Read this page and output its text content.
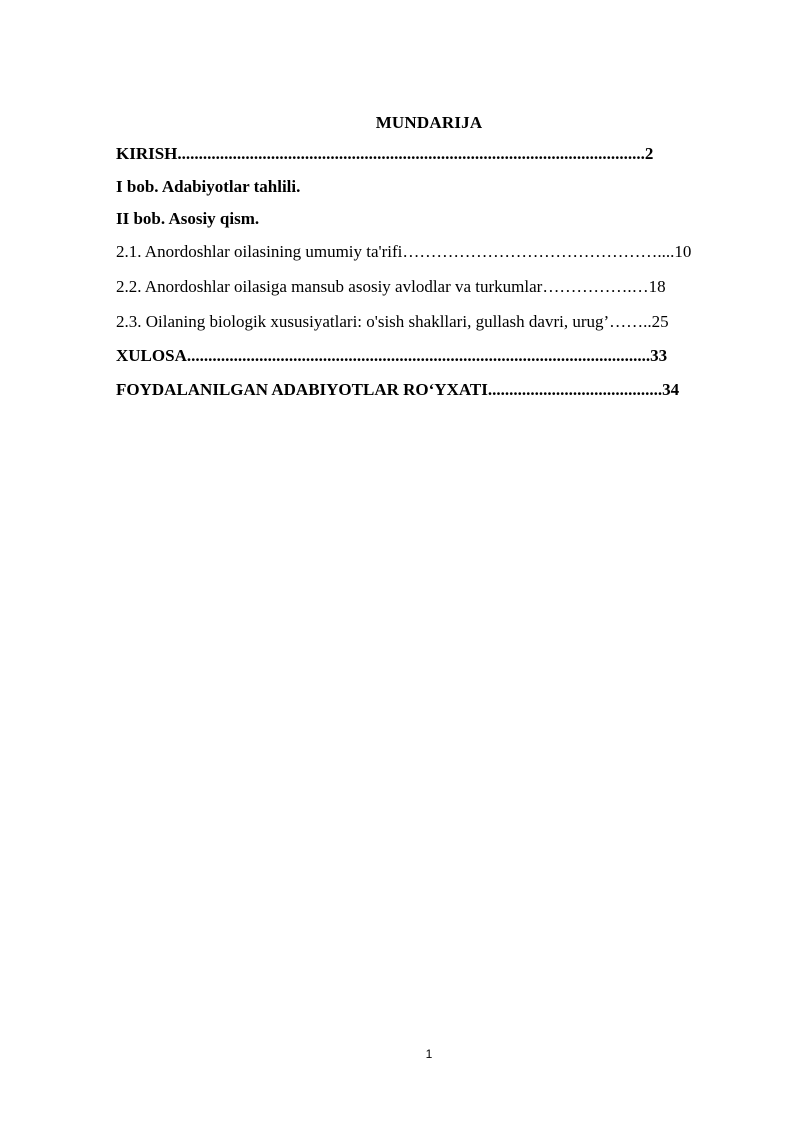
MUNDARIJA
KIRISH..............................................................................................................2
I bob. Adabiyotlar tahlili.
II bob. Asosiy qism.
2.1. Anordoshlar oilasining umumiy ta'rifi………………………………………....10
2.2. Anordoshlar oilasiga mansub asosiy avlodlar va turkumlar…………….…18
2.3. Oilaning biologik xususiyatlari: o'sish shakllari, gullash davri, urug’……..25
XULOSA.............................................................................................................33
FOYDALANILGAN ADABIYOTLAR RO‘YXATI.........................................34
1
